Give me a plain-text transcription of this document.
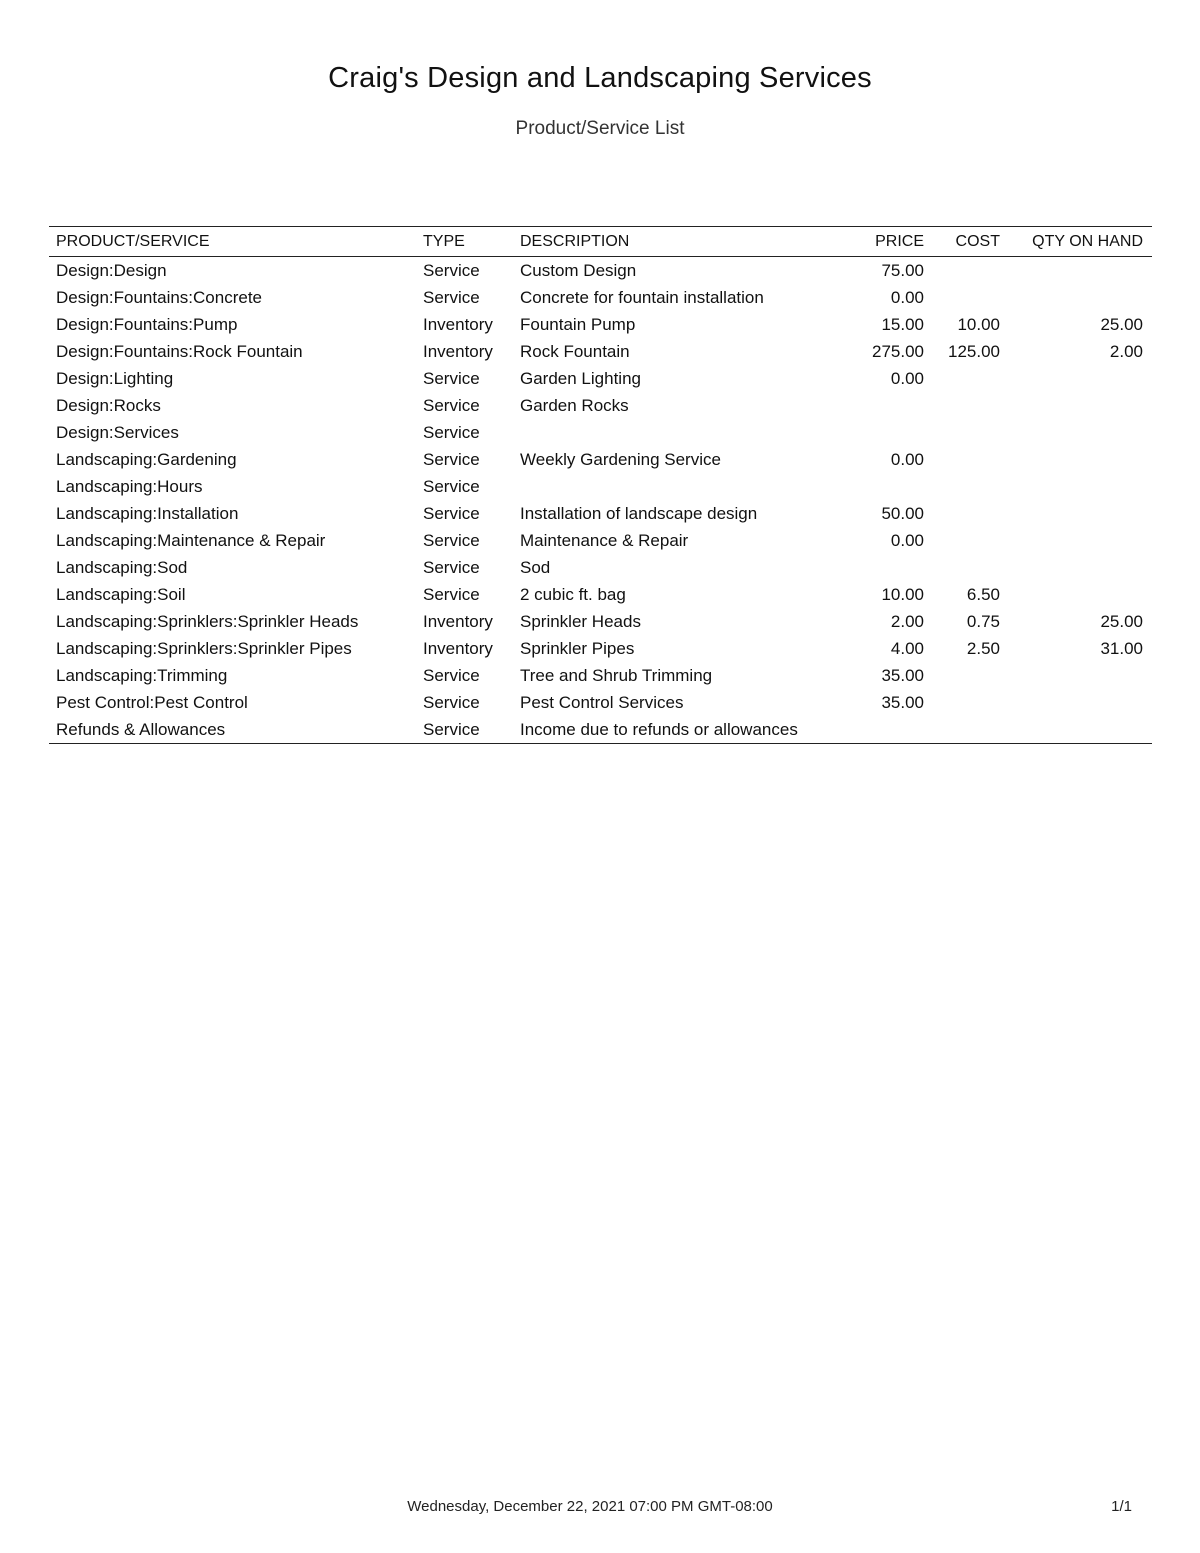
Craig's Design and Landscaping Services
Product/Service List
PRODUCT/SERVICE	TYPE	DESCRIPTION	PRICE	COST	QTY ON HAND
Design:Design	Service	Custom Design	75.00		
Design:Fountains:Concrete	Service	Concrete for fountain installation	0.00		
Design:Fountains:Pump	Inventory	Fountain Pump	15.00	10.00	25.00
Design:Fountains:Rock Fountain	Inventory	Rock Fountain	275.00	125.00	2.00
Design:Lighting	Service	Garden Lighting	0.00		
Design:Rocks	Service	Garden Rocks			
Design:Services	Service				
Landscaping:Gardening	Service	Weekly Gardening Service	0.00		
Landscaping:Hours	Service				
Landscaping:Installation	Service	Installation of landscape design	50.00		
Landscaping:Maintenance & Repair	Service	Maintenance & Repair	0.00		
Landscaping:Sod	Service	Sod			
Landscaping:Soil	Service	2 cubic ft. bag	10.00	6.50	
Landscaping:Sprinklers:Sprinkler Heads	Inventory	Sprinkler Heads	2.00	0.75	25.00
Landscaping:Sprinklers:Sprinkler Pipes	Inventory	Sprinkler Pipes	4.00	2.50	31.00
Landscaping:Trimming	Service	Tree and Shrub Trimming	35.00		
Pest Control:Pest Control	Service	Pest Control Services	35.00		
Refunds & Allowances	Service	Income due to refunds or allowances			
Wednesday, December 22, 2021 07:00 PM GMT-08:00	1/1
